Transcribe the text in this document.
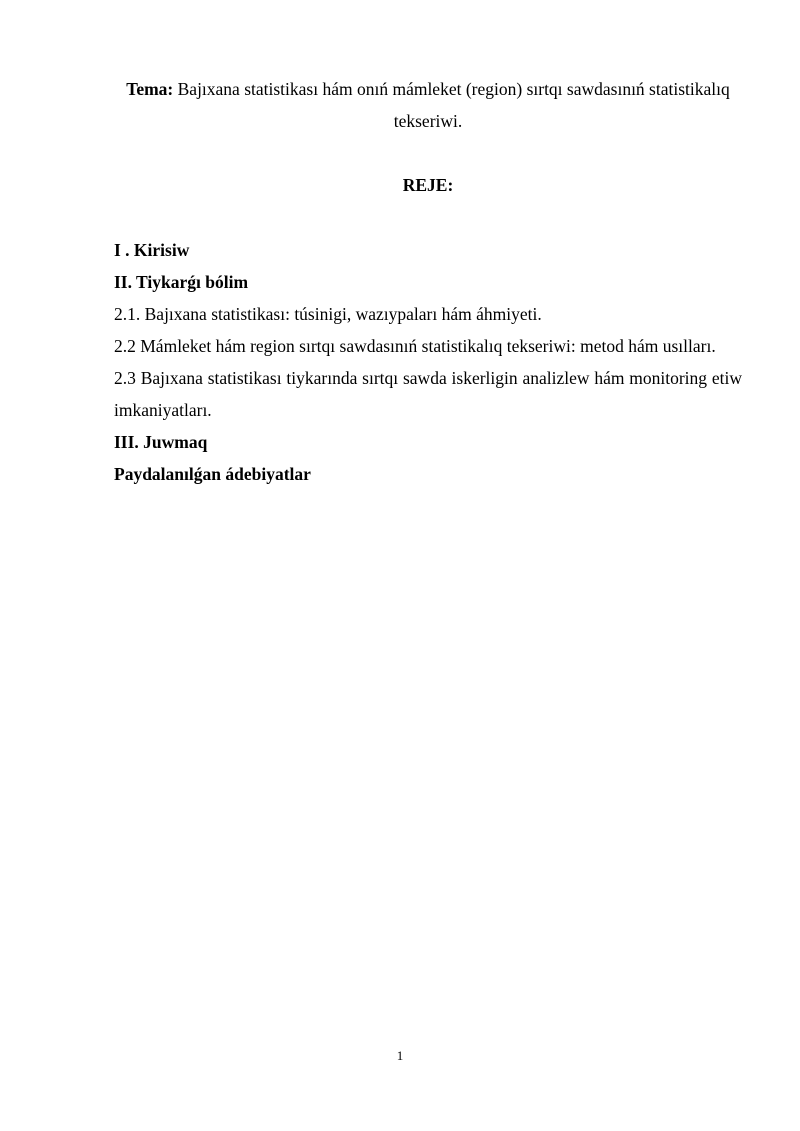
Tema: Bajıxana statistikası hám onıń mámleket (region) sırtqı sawdasınıń statistikalıq tekseriwi.
REJE:
I . Kirisiw
II. Tiykarǵı bólim
2.1. Bajıxana statistikası: túsinigi, wazıypaları hám áhmiyeti.
2.2 Mámleket hám region sırtqı sawdasınıń statistikalıq tekseriwi: metod hám usılları.
2.3 Bajıxana statistikası tiykarında sırtqı sawda iskerligin analizlew hám monitoring etiw imkaniyatları.
III. Juwmaq
Paydalanılǵan ádebiyatlar
1
